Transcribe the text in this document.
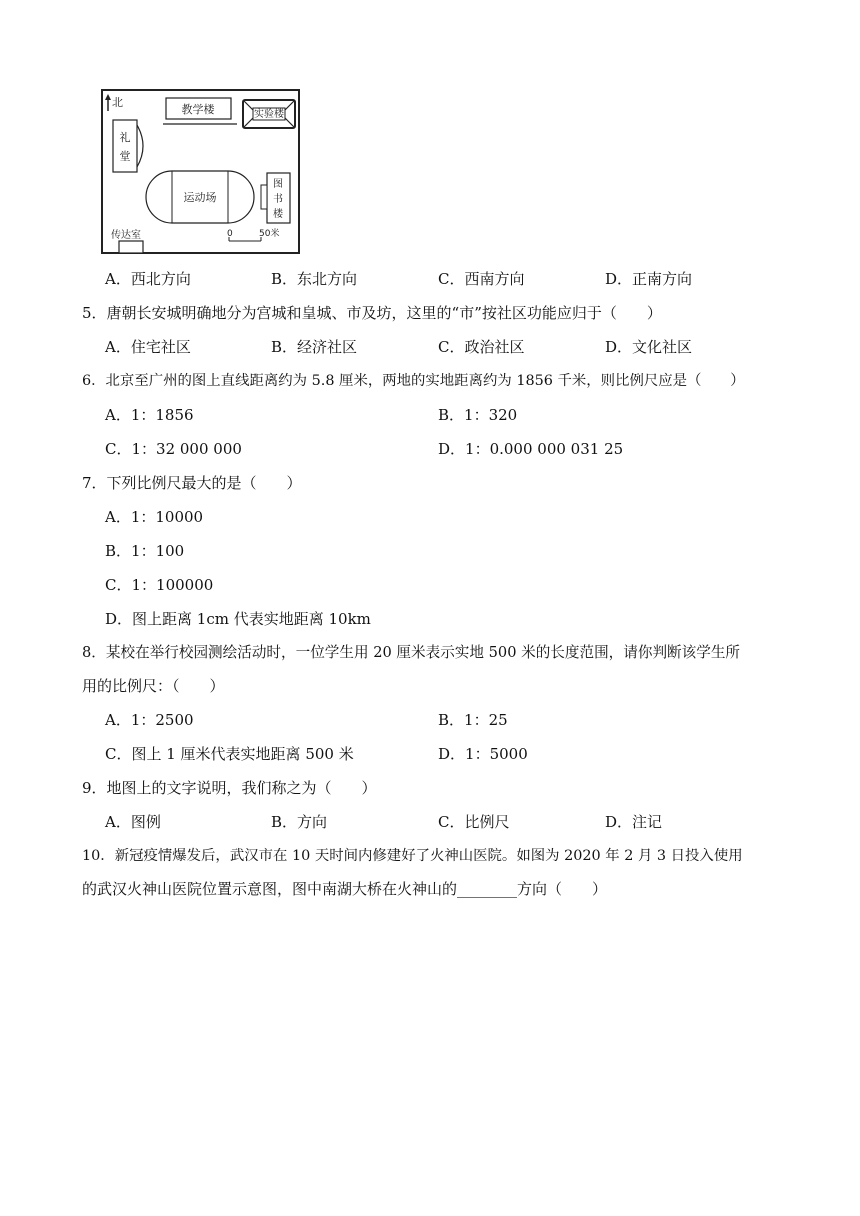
北
教学楼	实验楼
礼
堂
运动场
图
书
楼
传达室	0	50米
A．西北方向	B．东北方向	C．西南方向	D．正南方向
5．唐朝长安城明确地分为宫城和皇城、市及坊，这里的“市”按社区功能应归于（　　）
A．住宅社区	B．经济社区	C．政治社区	D．文化社区
6．北京至广州的图上直线距离约为 5.8 厘米，两地的实地距离约为 1856 千米，则比例尺应是（　　）
A．1：1856	B．1：320
C．1：32 000 000	D．1：0.000 000 031 25
7．下列比例尺最大的是（　　）
A．1：10000
B．1：100
C．1：100000
D．图上距离 1cm 代表实地距离 10km
8．某校在举行校园测绘活动时，一位学生用 20 厘米表示实地 500 米的长度范围，请你判断该学生所
用的比例尺：（　　）
A．1：2500	B．1：25
C．图上 1 厘米代表实地距离 500 米	D．1：5000
9．地图上的文字说明，我们称之为（　　）
A．图例	B．方向	C．比例尺	D．注记
10．新冠疫情爆发后，武汉市在 10 天时间内修建好了火神山医院。如图为 2020 年 2 月 3 日投入使用
的武汉火神山医院位置示意图，图中南湖大桥在火神山的________方向（　　）
